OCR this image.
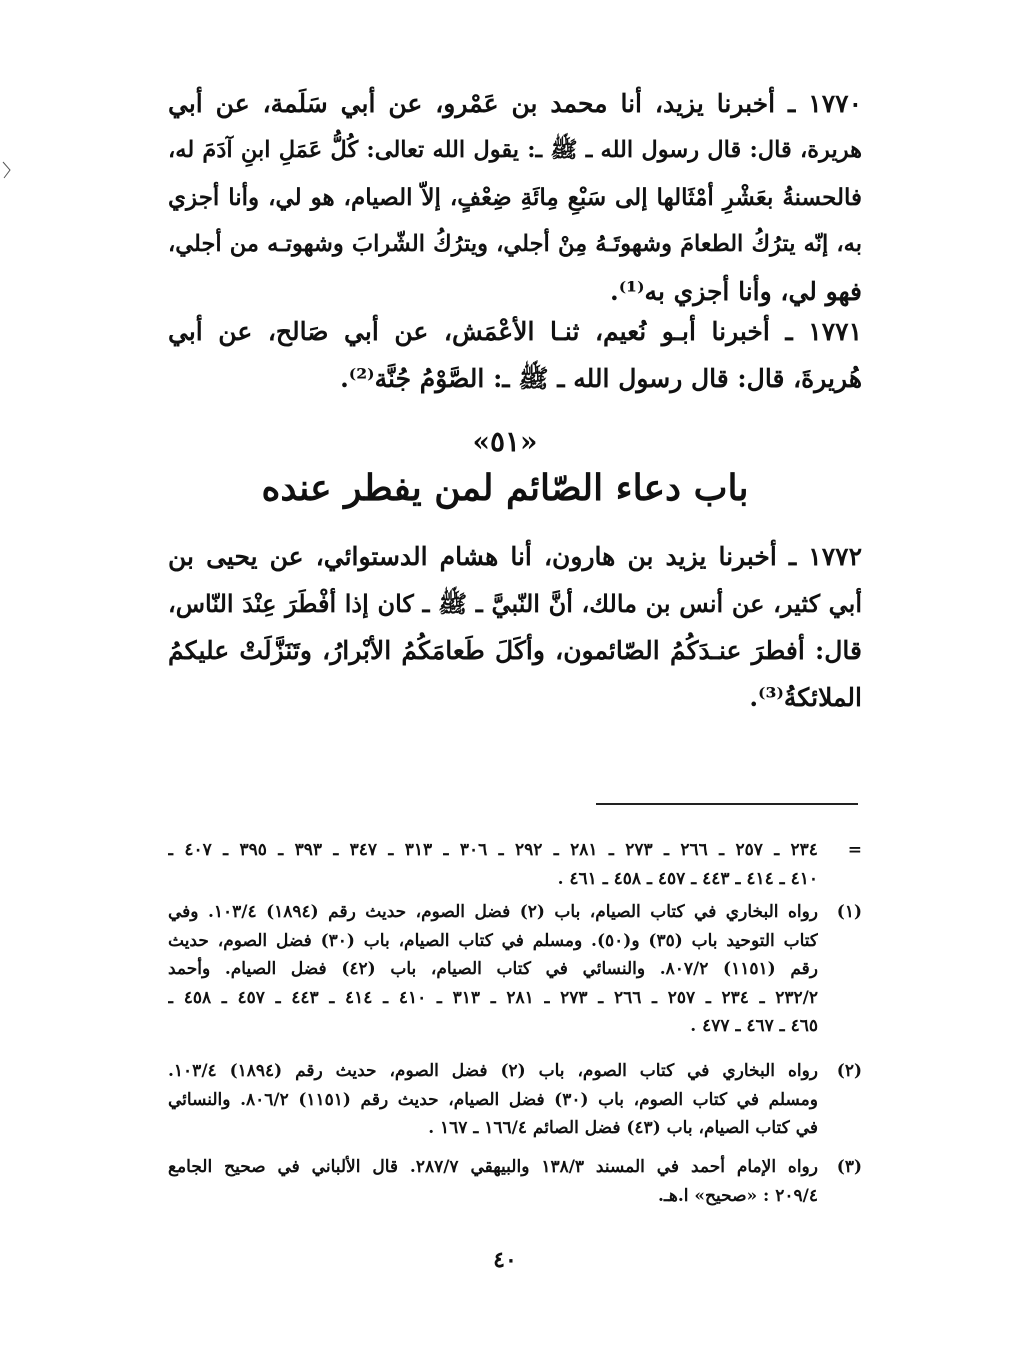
١٧٧٠ ـ أخبرنا يزيد، أنا محمد بن عَمْرو، عن أبي سَلَمة، عن أبي
هريرة، قال: قال رسول الله ـ ﷺ ـ: يقول الله تعالى: كُلُّ عَمَلِ ابنِ آدَمَ له،
فالحسنةُ بعَشْرِ أمْثَالها إلى سَبْعِ مِائَةِ ضِعْفٍ، إلاّ الصيام، هو لي، وأنا أجزي
به، إنّه يترُكُ الطعامَ وشهوتَـهُ مِنْ أجلي، ويترُكُ الشّرابَ وشهوتـه من أجلي،
فهو لي، وأنا أجزي به⁽¹⁾.
١٧٧١ ـ أخبرنا أبـو نُعيم، ثنـا الأعْمَش، عن أبي صَالح، عن أبي
هُريرةَ، قال: قال رسول الله ـ ﷺ ـ: الصَّوْمُ جُنَّة⁽²⁾.
«٥١»
باب دعاء الصّائم لمن يفطر عنده
١٧٧٢ ـ أخبرنا يزيد بن هارون، أنا هشام الدستوائي، عن يحيى بن
أبي كثير، عن أنس بن مالك، أنَّ النّبيَّ ـ ﷺ ـ كان إذا أفْطَرَ عِنْدَ النّاس،
قال: أفطرَ عنـدَكُمُ الصّائمون، وأكَلَ طَعامَكُمُ الأبْرارُ، وتَنَزَّلَتْ عليكمُ
الملائكةُ⁽³⁾.
=
٢٣٤ ـ ٢٥٧ ـ ٢٦٦ ـ ٢٧٣ ـ ٢٨١ ـ ٢٩٢ ـ ٣٠٦ ـ ٣١٣ ـ ٣٤٧ ـ ٣٩٣ ـ ٣٩٥ ـ ٤٠٧ ـ
٤١٠ ـ ٤١٤ ـ ٤٤٣ ـ ٤٥٧ ـ ٤٥٨ ـ ٤٦١ .
(١)
رواه البخاري في كتاب الصيام، باب (٢) فضل الصوم، حديث رقم (١٨٩٤) ١٠٣/٤. وفي
كتاب التوحيد باب (٣٥) و(٥٠). ومسلم في كتاب الصيام، باب (٣٠) فضل الصوم، حديث
رقم (١١٥١) ٨٠٧/٢. والنسائي في كتاب الصيام، باب (٤٢) فضل الصيام. وأحمد
٢٣٢/٢ ـ ٢٣٤ ـ ٢٥٧ ـ ٢٦٦ ـ ٢٧٣ ـ ٢٨١ ـ ٣١٣ ـ ٤١٠ ـ ٤١٤ ـ ٤٤٣ ـ ٤٥٧ ـ ٤٥٨ ـ
٤٦٥ ـ ٤٦٧ ـ ٤٧٧ .
(٢)
رواه البخاري في كتاب الصوم، باب (٢) فضل الصوم، حديث رقم (١٨٩٤) ١٠٣/٤.
ومسلم في كتاب الصوم، باب (٣٠) فضل الصيام، حديث رقم (١١٥١) ٨٠٦/٢. والنسائي
في كتاب الصيام، باب (٤٣) فضل الصائم ١٦٦/٤ ـ ١٦٧ .
(٣)
رواه الإمام أحمد في المسند ١٣٨/٣ والبيهقي ٢٨٧/٧. قال الألباني في صحيح الجامع
٢٠٩/٤ : «صحيح» ا.هـ.
٤٠
